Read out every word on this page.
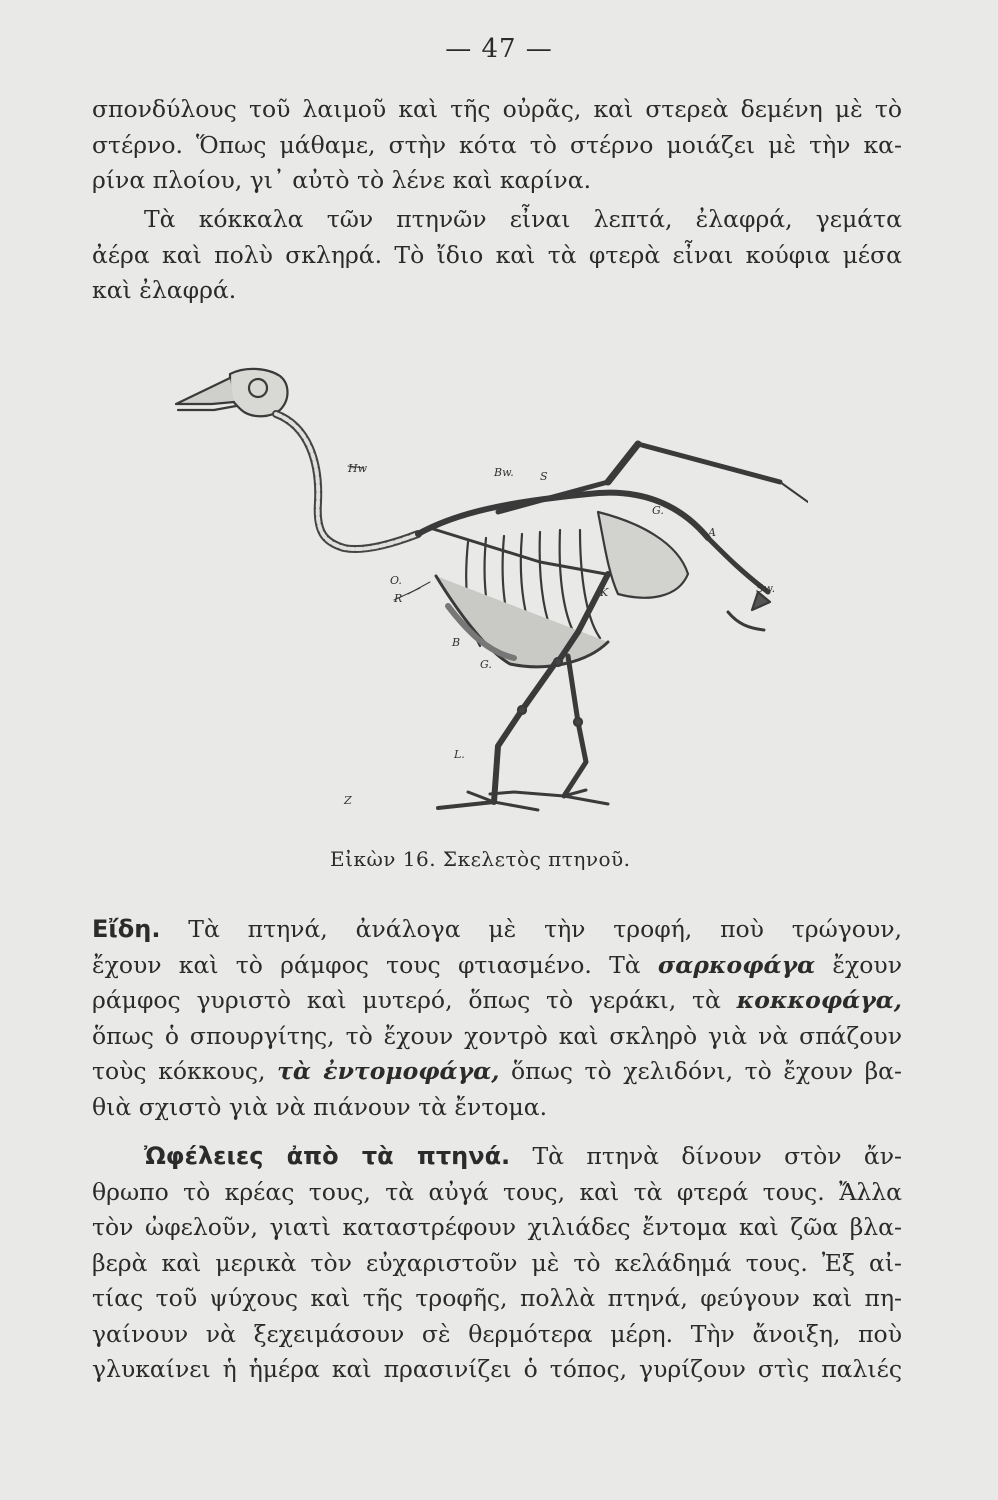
— 47 —

σπονδύλους τοῦ λαιμοῦ καὶ τῆς οὐρᾶς, καὶ στερεὰ δεμένη μὲ τὸ
στέρνο. Ὅπως μάθαμε, στὴν κότα τὸ στέρνο μοιάζει μὲ τὴν κα-
ρίνα πλοίου, γι᾿ αὐτὸ τὸ λένε καὶ καρίνα.

Τὰ κόκκαλα τῶν πτηνῶν εἶναι λεπτά, ἐλαφρά, γεμάτα
ἀέρα καὶ πολὺ σκληρά. Τὸ ἴδιο καὶ τὰ φτερὰ εἶναι κούφια μέσα
καὶ ἐλαφρά.

Hw	Bw. S
G.
A
Sw.
O.
R	K
B
G.
L.
Z
Εἰκὼν 16. Σκελετὸς πτηνοῦ.

Εἴδη. Τὰ πτηνά, ἀνάλογα μὲ τὴν τροφή, ποὺ τρώγουν,
ἔχουν καὶ τὸ ράμφος τους φτιασμένο. Τὰ σαρκοφάγα ἔχουν
ράμφος γυριστὸ καὶ μυτερό, ὅπως τὸ γεράκι, τὰ κοκκοφάγα,
ὅπως ὁ σπουργίτης, τὸ ἔχουν χοντρὸ καὶ σκληρὸ γιὰ νὰ σπάζουν
τοὺς κόκκους, τὰ ἐντομοφάγα, ὅπως τὸ χελιδόνι, τὸ ἔχουν βα-
θιὰ σχιστὸ γιὰ νὰ πιάνουν τὰ ἔντομα.

Ὠφέλειες ἀπὸ τὰ πτηνά. Τὰ πτηνὰ δίνουν στὸν ἄν-
θρωπο τὸ κρέας τους, τὰ αὐγά τους, καὶ τὰ φτερά τους. Ἄλλα
τὸν ὠφελοῦν, γιατὶ καταστρέφουν χιλιάδες ἔντομα καὶ ζῶα βλα-
βερὰ καὶ μερικὰ τὸν εὐχαριστοῦν μὲ τὸ κελάδημά τους. Ἐξ αἰ-
τίας τοῦ ψύχους καὶ τῆς τροφῆς, πολλὰ πτηνά, φεύγουν καὶ πη-
γαίνουν νὰ ξεχειμάσουν σὲ θερμότερα μέρη. Τὴν ἄνοιξη, ποὺ
γλυκαίνει ἡ ἡμέρα καὶ πρασινίζει ὁ τόπος, γυρίζουν στὶς παλιές
